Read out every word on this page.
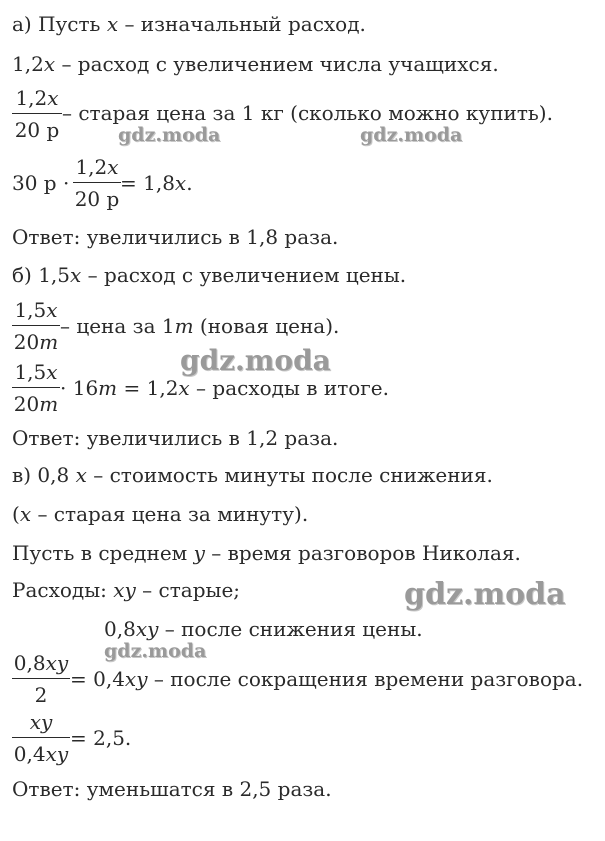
а) Пусть x – изначальный расход.
1,2x – расход с увеличением числа учащихся.
1,2x
20 р
– старая цена за 1 кг (сколько можно купить).
30 р ·
1,2x
20 р
= 1,8x.
Ответ: увеличились в 1,8 раза.
б) 1,5x – расход с увеличением цены.
1,5x
20m
– цена за 1m (новая цена).
1,5x
20m
· 16m = 1,2x – расходы в итоге.
Ответ: увеличились в 1,2 раза.
в) 0,8 x – стоимость минуты после снижения.
(x – старая цена за минуту).
Пусть в среднем y – время разговоров Николая.
Расходы: xy – старые;
0,8xy – после снижения цены.
0,8xy
2
= 0,4xy – после сокращения времени разговора.
xy
0,4xy
= 2,5.
Ответ: уменьшатся в 2,5 раза.
gdz.moda	gdz.moda
gdz.moda
gdz.moda
gdz.moda
